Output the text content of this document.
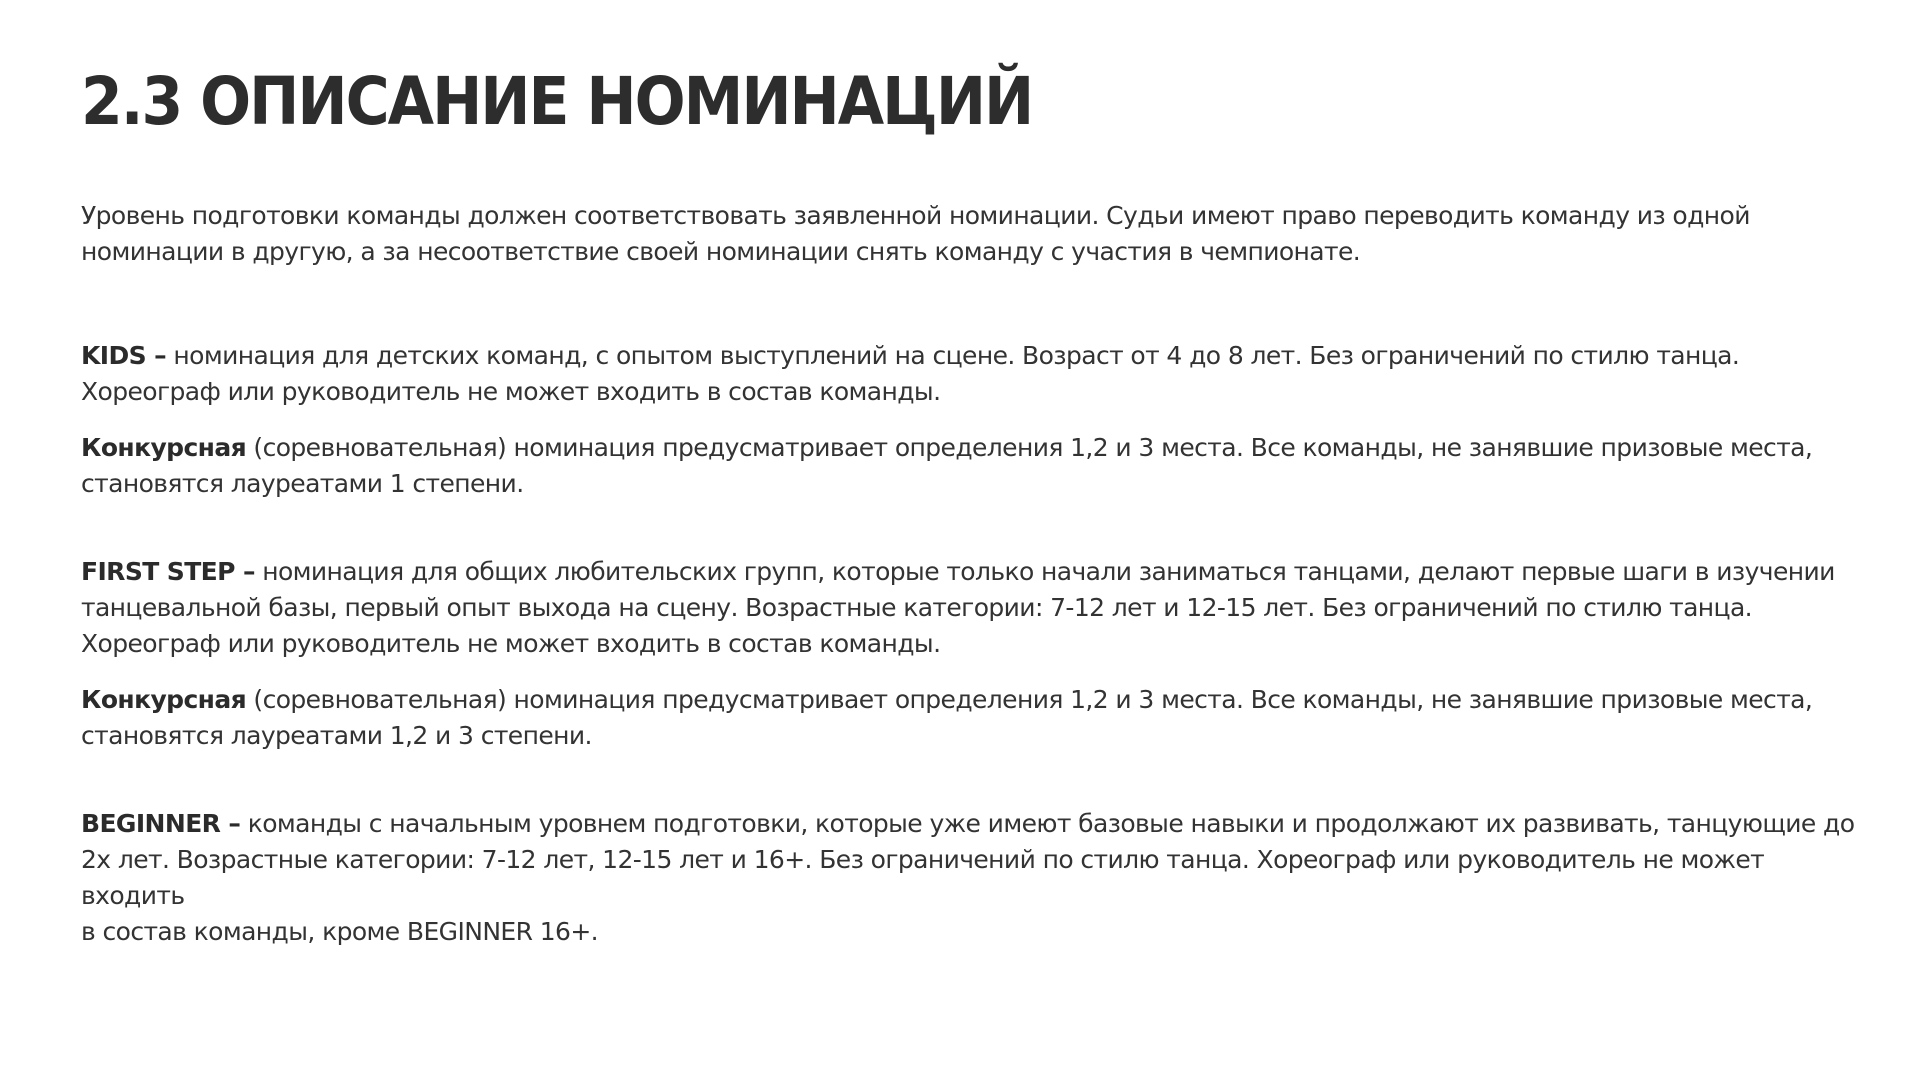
2.3 ОПИСАНИЕ НОМИНАЦИЙ

Уровень подготовки команды должен соответствовать заявленной номинации. Судьи имеют право переводить команду из одной
номинации в другую, а за несоответствие своей номинации снять команду с участия в чемпионате.

KIDS – номинация для детских команд, с опытом выступлений на сцене. Возраст от 4 до 8 лет. Без ограничений по стилю танца.
Хореограф или руководитель не может входить в состав команды.

Конкурсная (соревновательная) номинация предусматривает определения 1,2 и 3 места. Все команды, не занявшие призовые места,
становятся лауреатами 1 степени.

FIRST STEP – номинация для общих любительских групп, которые только начали заниматься танцами, делают первые шаги в изучении
танцевальной базы, первый опыт выхода на сцену. Возрастные категории: 7-12 лет и 12-15 лет. Без ограничений по стилю танца.
Хореограф или руководитель не может входить в состав команды.

Конкурсная (соревновательная) номинация предусматривает определения 1,2 и 3 места. Все команды, не занявшие призовые места,
становятся лауреатами 1,2 и 3 степени.

BEGINNER – команды с начальным уровнем подготовки, которые уже имеют базовые навыки и продолжают их развивать, танцующие до
2х лет. Возрастные категории: 7-12 лет, 12-15 лет и 16+. Без ограничений по стилю танца. Хореограф или руководитель не может входить
в состав команды, кроме BEGINNER 16+.
